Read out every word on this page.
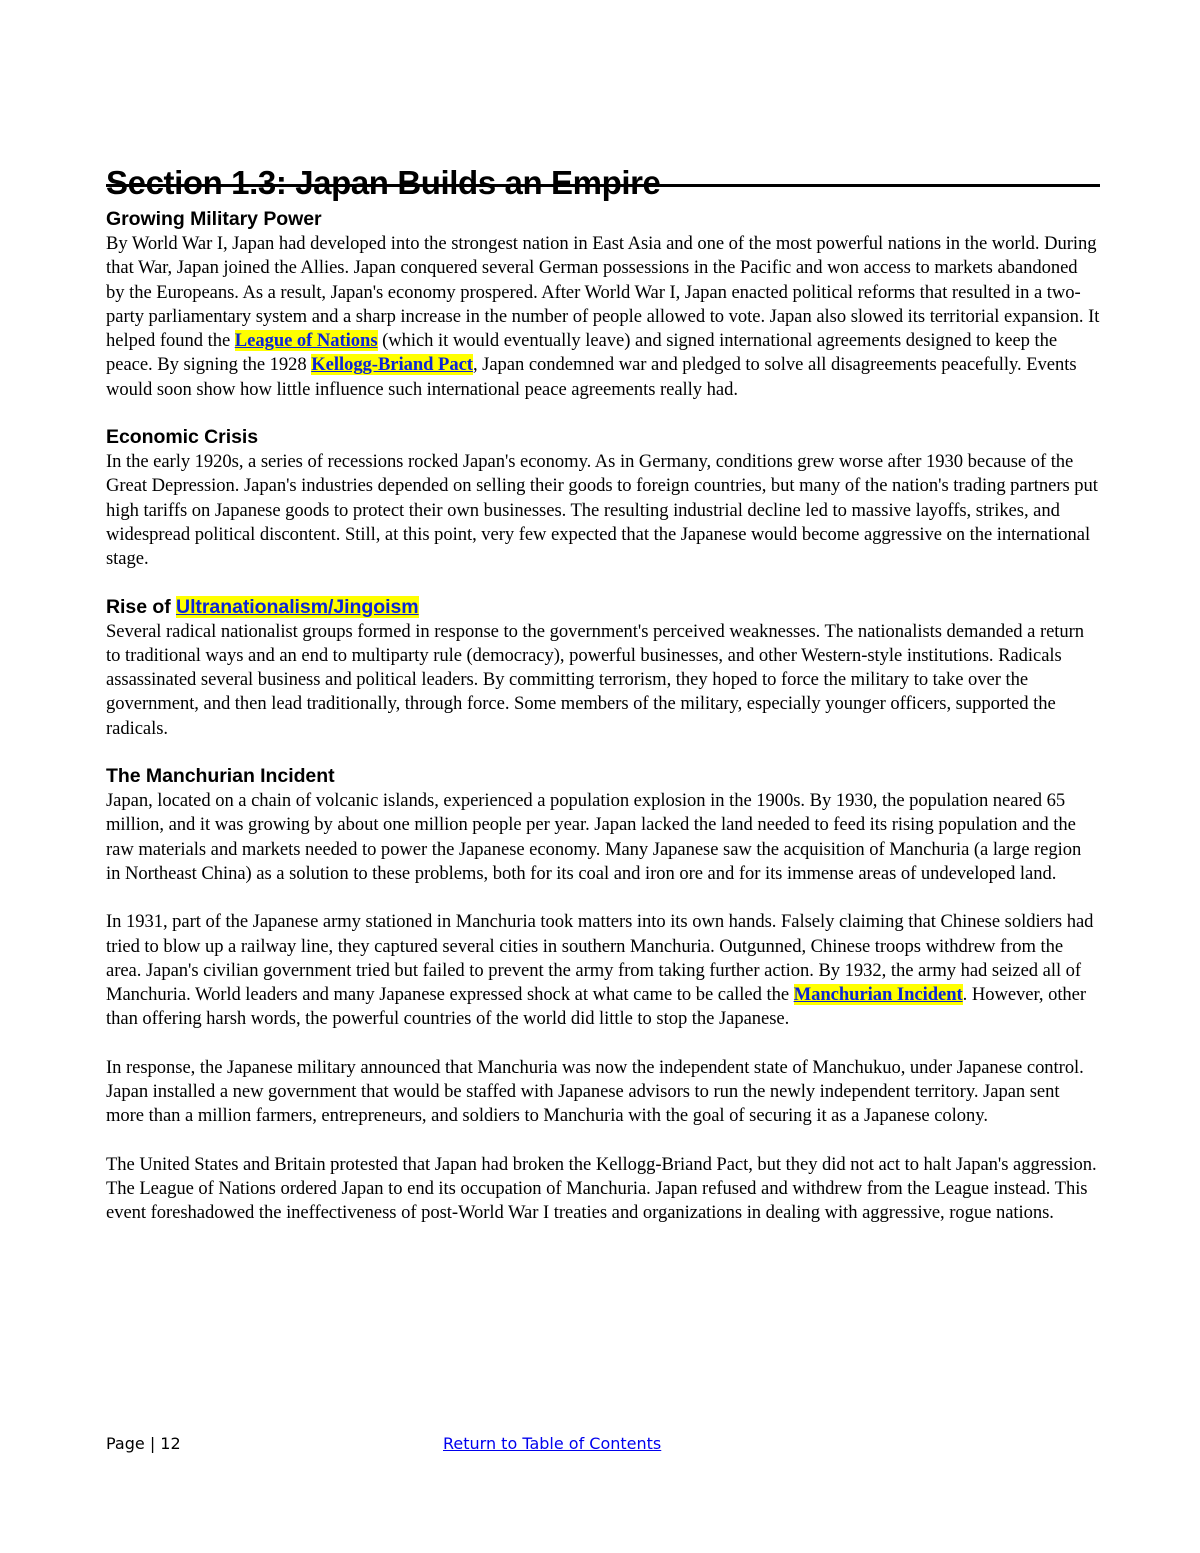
Section 1.3: Japan Builds an Empire
Growing Military Power

By World War I, Japan had developed into the strongest nation in East Asia and one of the most powerful nations in the world. During that War, Japan joined the Allies. Japan conquered several German possessions in the Pacific and won access to markets abandoned by the Europeans. As a result, Japan's economy prospered. After World War I, Japan enacted political reforms that resulted in a two-party parliamentary system and a sharp increase in the number of people allowed to vote. Japan also slowed its territorial expansion. It helped found the League of Nations (which it would eventually leave) and signed international agreements designed to keep the peace. By signing the 1928 Kellogg-Briand Pact, Japan condemned war and pledged to solve all disagreements peacefully. Events would soon show how little influence such international peace agreements really had.

Economic Crisis

In the early 1920s, a series of recessions rocked Japan's economy. As in Germany, conditions grew worse after 1930 because of the Great Depression. Japan's industries depended on selling their goods to foreign countries, but many of the nation's trading partners put high tariffs on Japanese goods to protect their own businesses. The resulting industrial decline led to massive layoffs, strikes, and widespread political discontent. Still, at this point, very few expected that the Japanese would become aggressive on the international stage.

Rise of Ultranationalism/Jingoism

Several radical nationalist groups formed in response to the government's perceived weaknesses. The nationalists demanded a return to traditional ways and an end to multiparty rule (democracy), powerful businesses, and other Western-style institutions. Radicals assassinated several business and political leaders. By committing terrorism, they hoped to force the military to take over the government, and then lead traditionally, through force. Some members of the military, especially younger officers, supported the radicals.

The Manchurian Incident

Japan, located on a chain of volcanic islands, experienced a population explosion in the 1900s. By 1930, the population neared 65 million, and it was growing by about one million people per year. Japan lacked the land needed to feed its rising population and the raw materials and markets needed to power the Japanese economy. Many Japanese saw the acquisition of Manchuria (a large region in Northeast China) as a solution to these problems, both for its coal and iron ore and for its immense areas of undeveloped land.

In 1931, part of the Japanese army stationed in Manchuria took matters into its own hands. Falsely claiming that Chinese soldiers had tried to blow up a railway line, they captured several cities in southern Manchuria. Outgunned, Chinese troops withdrew from the area. Japan's civilian government tried but failed to prevent the army from taking further action. By 1932, the army had seized all of Manchuria. World leaders and many Japanese expressed shock at what came to be called the Manchurian Incident. However, other than offering harsh words, the powerful countries of the world did little to stop the Japanese.

In response, the Japanese military announced that Manchuria was now the independent state of Manchukuo, under Japanese control. Japan installed a new government that would be staffed with Japanese advisors to run the newly independent territory. Japan sent more than a million farmers, entrepreneurs, and soldiers to Manchuria with the goal of securing it as a Japanese colony.

The United States and Britain protested that Japan had broken the Kellogg-Briand Pact, but they did not act to halt Japan's aggression. The League of Nations ordered Japan to end its occupation of Manchuria. Japan refused and withdrew from the League instead. This event foreshadowed the ineffectiveness of post-World War I treaties and organizations in dealing with aggressive, rogue nations.

Page | 12	Return to Table of Contents
